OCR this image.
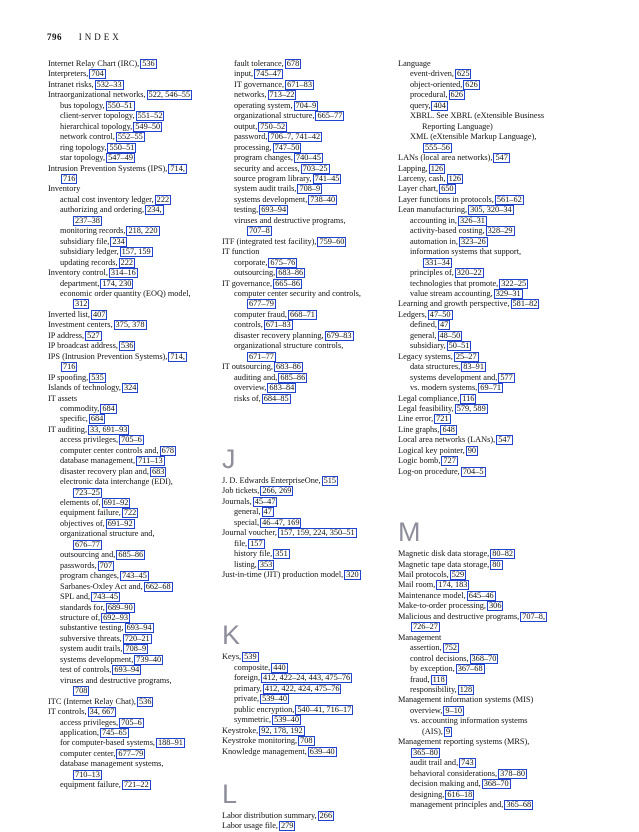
796 INDEX
Internet Relay Chart (IRC), 536
Interpreters, 704
Intranet risks, 532–33
Intraorganizational networks, 522, 546–55
bus topology, 550–51
client-server topology, 551–52
hierarchical topology, 549–50
network control, 552–55
ring topology, 550–51
star topology, 547–49
Intrusion Prevention Systems (IPS), 714,
716
Inventory
actual cost inventory ledger, 222
authorizing and ordering, 234,
237–38
monitoring records, 218, 220
subsidiary file, 234
subsidiary ledger, 157, 159
updating records, 222
Inventory control, 314–16
department, 174, 230
economic order quantity (EOQ) model,
312
Inverted list, 407
Investment centers, 375, 378
IP address, 527
IP broadcast address, 536
IPS (Intrusion Prevention Systems), 714,
716
IP spoofing, 535
Islands of technology, 324
IT assets
commodity, 684
specific, 684
IT auditing, 33, 691–93
access privileges, 705–6
computer center controls and, 678
database management, 711–13
disaster recovery plan and, 683
electronic data interchange (EDI),
723–25
elements of, 691–92
equipment failure, 722
objectives of, 691–92
organizational structure and,
676–77
outsourcing and, 685–86
passwords, 707
program changes, 743–45
Sarbanes-Oxley Act and, 662–68
SPL and, 743–45
standards for, 689–90
structure of, 692–93
substantive testing, 693–94
subversive threats, 720–21
system audit trails, 708–9
systems development, 739–40
test of controls, 693–94
viruses and destructive programs,
708
ITC (Internet Relay Chat), 536
IT controls, 34, 667
access privileges, 705–6
application, 745–65
for computer-based systems, 188–91
computer center, 677–79
database management systems,
710–13
equipment failure, 721–22
fault tolerance, 678
input, 745–47
IT governance, 671–83
networks, 713–22
operating system, 704–9
organizational structure, 665–77
output, 750–52
password, 706–7, 741–42
processing, 747–50
program changes, 740–45
security and access, 703–25
source program library, 741–45
system audit trails, 708–9
systems development, 738–40
testing, 693–94
viruses and destructive programs,
707–8
ITF (integrated test facility), 759–60
IT function
corporate, 675–76
outsourcing, 683–86
IT governance, 665–86
computer center security and controls,
677–79
computer fraud, 668–71
controls, 671–83
disaster recovery planning, 679–83
organizational structure controls,
671–77
IT outsourcing, 683–86
auditing and, 685–86
overview, 683–84
risks of, 684–85
J
J. D. Edwards EnterpriseOne, 515
Job tickets, 266, 269
Journals, 45–47
general, 47
special, 46–47, 169
Journal voucher, 157, 159, 224, 350–51
file, 157
history file, 351
listing, 353
Just-in-time (JIT) production model, 320
K
Keys, 539
composite, 440
foreign, 412, 422–24, 443, 475–76
primary, 412, 422, 424, 475–76
private, 539–40
public encryption, 540–41, 716–17
symmetric, 539–40
Keystroke, 92, 178, 192
Keystroke monitoring, 708
Knowledge management, 639–40
L
Labor distribution summary, 266
Labor usage file, 279
Language
event-driven, 625
object-oriented, 626
procedural, 626
query, 404
XBRL. See XBRL (eXtensible Business
Reporting Language)
XML (eXtensible Markup Language),
555–56
LANs (local area networks), 547
Lapping, 126
Larceny, cash, 126
Layer chart, 650
Layer functions in protocols, 561–62
Lean manufacturing, 305, 320–34
accounting in, 326–31
activity-based costing, 328–29
automation in, 323–26
information systems that support,
331–34
principles of, 320–22
technologies that promote, 322–25
value stream accounting, 329–31
Learning and growth perspective, 581–82
Ledgers, 47–50
defined, 47
general, 48–50
subsidiary, 50–51
Legacy systems, 25–27
data structures, 83–91
systems development and, 577
vs. modern systems, 69–71
Legal compliance, 116
Legal feasibility, 579, 589
Line error, 721
Line graphs, 648
Local area networks (LANs), 547
Logical key pointer, 90
Logic bomb, 727
Log-on procedure, 704–5
M
Magnetic disk data storage, 80–82
Magnetic tape data storage, 80
Mail protocols, 529
Mail room, 174, 183
Maintenance model, 645–46
Make-to-order processing, 306
Malicious and destructive programs, 707–8,
726–27
Management
assertion, 752
control decisions, 368–70
by exception, 367–68
fraud, 118
responsibility, 128
Management information systems (MIS)
overview, 9–10
vs. accounting information systems
(AIS), 9
Management reporting systems (MRS),
365–80
audit trail and, 743
behavioral considerations, 378–80
decision making and, 368–70
designing, 616–18
management principles and, 365–68
